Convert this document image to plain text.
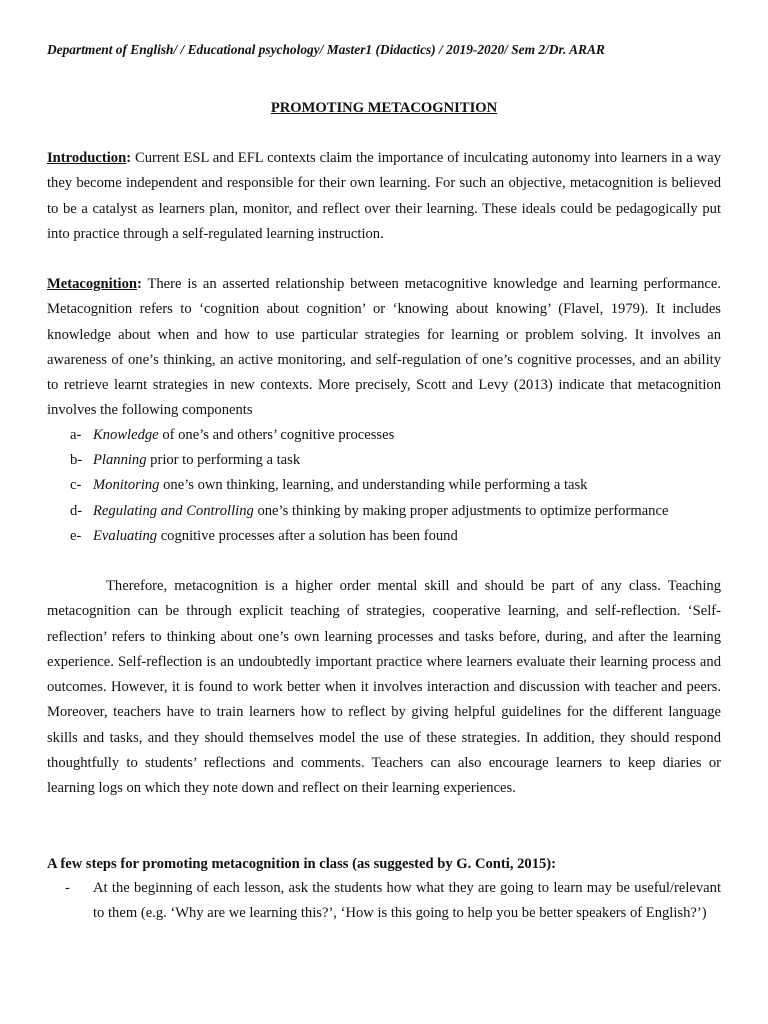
Department of English/ / Educational psychology/ Master1 (Didactics) / 2019-2020/ Sem 2/Dr. ARAR
PROMOTING METACOGNITION

Introduction: Current ESL and EFL contexts claim the importance of inculcating autonomy into learners in a way they become independent and responsible for their own learning. For such an objective, metacognition is believed to be a catalyst as learners plan, monitor, and reflect over their learning. These ideals could be pedagogically put into practice through a self-regulated learning instruction.

Metacognition: There is an asserted relationship between metacognitive knowledge and learning performance. Metacognition refers to ‘cognition about cognition’ or ‘knowing about knowing’ (Flavel, 1979). It includes knowledge about when and how to use particular strategies for learning or problem solving. It involves an awareness of one’s thinking, an active monitoring, and self-regulation of one’s cognitive processes, and an ability to retrieve learnt strategies in new contexts. More precisely, Scott and Levy (2013) indicate that metacognition involves the following components

a- Knowledge of one’s and others’ cognitive processes
b- Planning prior to performing a task
c- Monitoring one’s own thinking, learning, and understanding while performing a task
d- Regulating and Controlling one’s thinking by making proper adjustments to optimize performance
e- Evaluating cognitive processes after a solution has been found

Therefore, metacognition is a higher order mental skill and should be part of any class. Teaching metacognition can be through explicit teaching of strategies, cooperative learning, and self-reflection. ‘Self-reflection’ refers to thinking about one’s own learning processes and tasks before, during, and after the learning experience. Self-reflection is an undoubtedly important practice where learners evaluate their learning process and outcomes. However, it is found to work better when it involves interaction and discussion with teacher and peers. Moreover, teachers have to train learners how to reflect by giving helpful guidelines for the different language skills and tasks, and they should themselves model the use of these strategies. In addition, they should respond thoughtfully to students’ reflections and comments. Teachers can also encourage learners to keep diaries or learning logs on which they note down and reflect on their learning experiences.

A few steps for promoting metacognition in class (as suggested by G. Conti, 2015):
- At the beginning of each lesson, ask the students how what they are going to learn may be useful/relevant to them (e.g. ‘Why are we learning this?’, ‘How is this going to help you be better speakers of English?’)
